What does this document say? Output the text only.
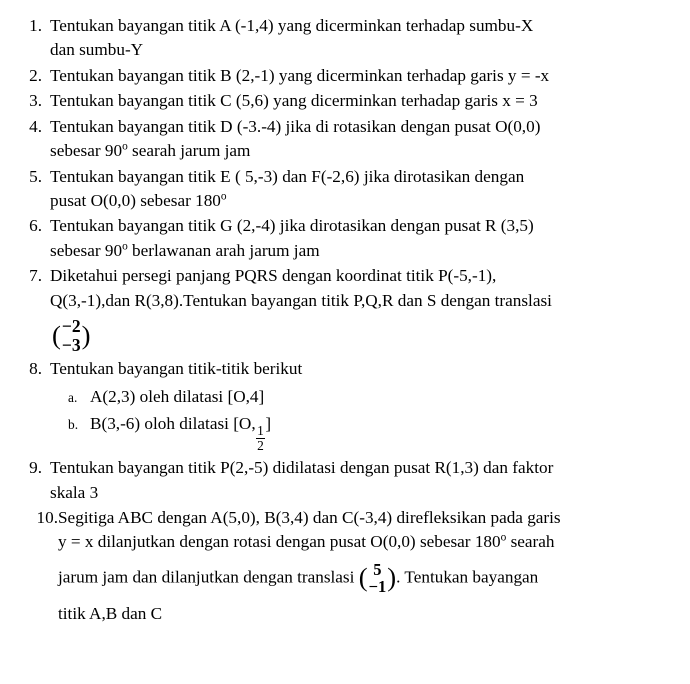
1. Tentukan bayangan titik A (-1,4) yang dicerminkan terhadap sumbu-X
dan sumbu-Y
2. Tentukan bayangan titik B (2,-1) yang dicerminkan terhadap garis y = -x
3. Tentukan bayangan titik C (5,6) yang dicerminkan terhadap garis x = 3
4. Tentukan bayangan titik D (-3.-4) jika di rotasikan dengan pusat O(0,0)
sebesar 90$^o$ searah jarum jam
5. Tentukan bayangan titik E ( 5,-3) dan F(-2,6) jika dirotasikan dengan
pusat O(0,0) sebesar 180$^o$
6. Tentukan bayangan titik G (2,-4) jika dirotasikan dengan pusat R (3,5)
sebesar 90$^o$ berlawanan arah jarum jam
7. Diketahui persegi panjang PQRS dengan koordinat titik P(-5,-1),
Q(3,-1),dan R(3,8).Tentukan bayangan titik P,Q,R dan S dengan translasi
( −2
−3 )
8. Tentukan bayangan titik-titik berikut
a. A(2,3) oleh dilatasi [O,4]
b. B(3,-6) oloh dilatasi [O,
$\frac{1}{2}$
]
9. Tentukan bayangan titik P(2,-5) didilatasi dengan pusat R(1,3) dan faktor
skala 3
10. Segitiga ABC dengan A(5,0), B(3,4) dan C(-3,4) direfleksikan pada garis
y = x dilanjutkan dengan rotasi dengan pusat O(0,0) sebesar 180$^o$ searah
jarum jam dan dilanjutkan dengan translasi ( 5
−1 ) . Tentukan bayangan
titik A,B dan C
